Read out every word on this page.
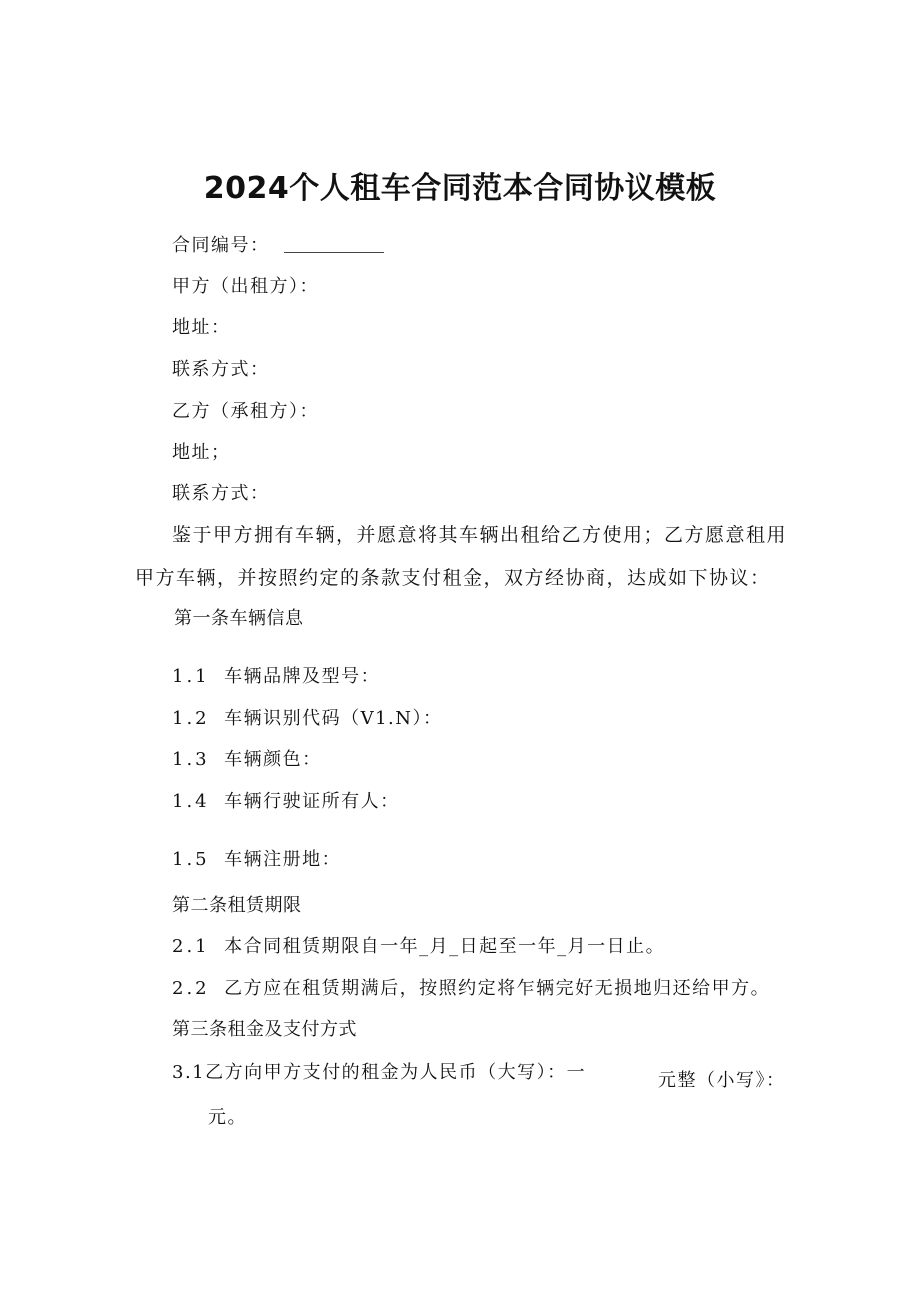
2024个人租车合同范本合同协议模板
合同编号：
甲方（出租方）：
地址：
联系方式：
乙方（承租方）：
地址；
联系方式：
鉴于甲方拥有车辆，并愿意将其车辆出租给乙方使用；乙方愿意租用
甲方车辆，并按照约定的条款支付租金，双方经协商，达成如下协议：
第一条车辆信息
1.1 车辆品牌及型号：
1.2 车辆识别代码（V1.N）：
1.3 车辆颜色：
1.4 车辆行驶证所有人：
1.5 车辆注册地：
第二条租赁期限
2.1 本合同租赁期限自一年_月_日起至一年_月一日止。
2.2 乙方应在租赁期满后，按照约定将乍辆完好无损地归还给甲方。
第三条租金及支付方式
3.1乙方向甲方支付的租金为人民币（大写）：一	元整（小写》：
元。
